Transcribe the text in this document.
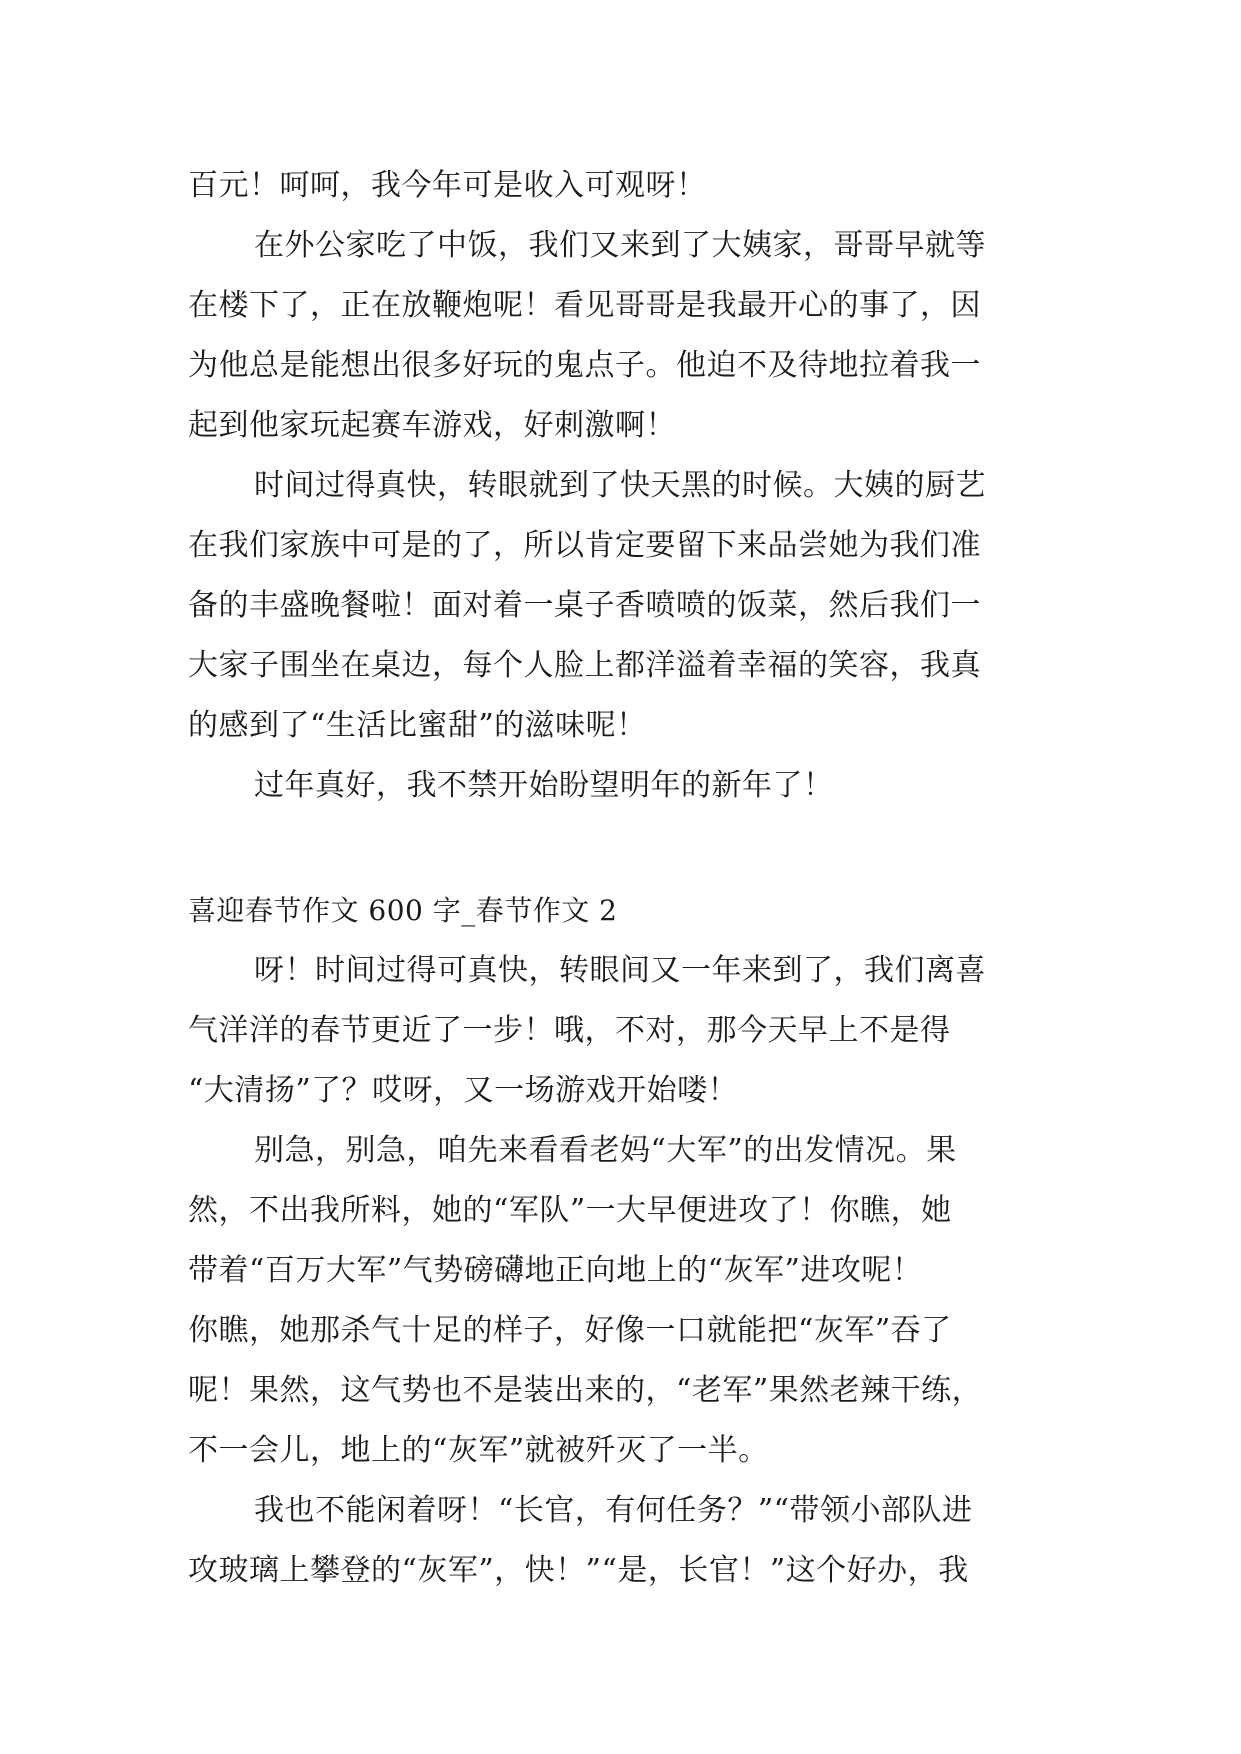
百元！呵呵，我今年可是收入可观呀！
在外公家吃了中饭，我们又来到了大姨家，哥哥早就等
在楼下了，正在放鞭炮呢！看见哥哥是我最开心的事了，因
为他总是能想出很多好玩的鬼点子。他迫不及待地拉着我一
起到他家玩起赛车游戏，好刺激啊！
时间过得真快，转眼就到了快天黑的时候。大姨的厨艺
在我们家族中可是的了，所以肯定要留下来品尝她为我们准
备的丰盛晚餐啦！面对着一桌子香喷喷的饭菜，然后我们一
大家子围坐在桌边，每个人脸上都洋溢着幸福的笑容，我真
的感到了“生活比蜜甜”的滋味呢！
过年真好，我不禁开始盼望明年的新年了！
喜迎春节作文 600 字_春节作文 2
呀！时间过得可真快，转眼间又一年来到了，我们离喜
气洋洋的春节更近了一步！哦，不对，那今天早上不是得
“大清扬”了？哎呀，又一场游戏开始喽！
别急，别急，咱先来看看老妈“大军”的出发情况。果
然，不出我所料，她的“军队”一大早便进攻了！你瞧，她
带着“百万大军”气势磅礴地正向地上的“灰军”进攻呢！
你瞧，她那杀气十足的样子，好像一口就能把“灰军”吞了
呢！果然，这气势也不是装出来的，“老军”果然老辣干练，
不一会儿，地上的“灰军”就被歼灭了一半。
我也不能闲着呀！“长官，有何任务？”“带领小部队进
攻玻璃上攀登的“灰军”，快！”“是，长官！”这个好办，我
